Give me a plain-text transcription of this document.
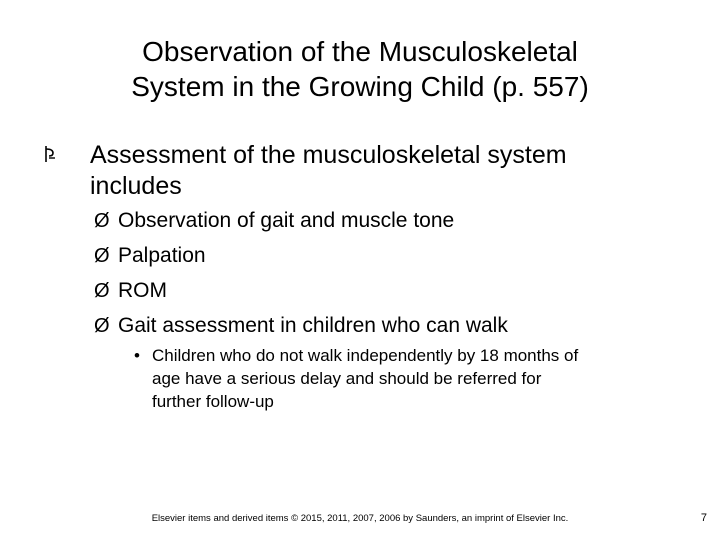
Observation of the Musculoskeletal
System in the Growing Child (p. 557)
Assessment of the musculoskeletal system
includes
Ø Observation of gait and muscle tone
Ø Palpation
Ø ROM
Ø Gait assessment in children who can walk
• Children who do not walk independently by 18 months of
age have a serious delay and should be referred for
further follow-up
Elsevier items and derived items © 2015, 2011, 2007, 2006 by Saunders, an imprint of Elsevier Inc.	7
